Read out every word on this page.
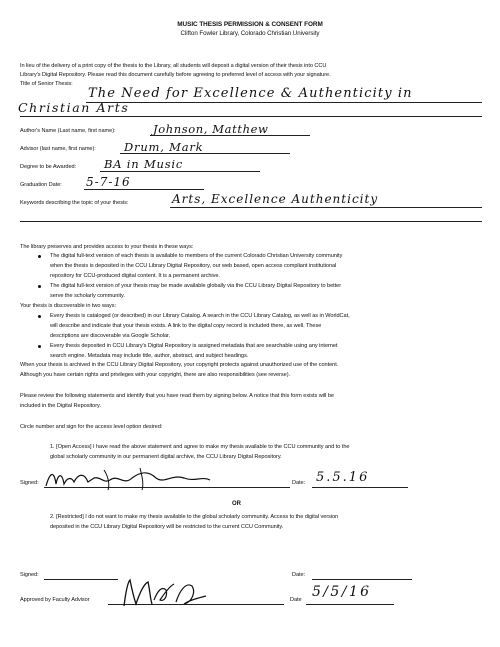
MUSIC THESIS PERMISSION & CONSENT FORM
Clifton Fowler Library, Colorado Christian University
In lieu of the delivery of a print copy of the thesis to the Library, all students will deposit a digital version of their thesis into CCU
Library's Digital Repository. Please read this document carefully before agreeing to preferred level of access with your signature.
Title of Senior Thesis:
The Need for Excellence & Authenticity in
Christian Arts
Author's Name (Last name, first name):	Johnson, Matthew
Advisor (last name, first name): Drum, Mark
Degree to be Awarded: BA in Music
Graduation Date: 5-7-16
Keywords describing the topic of your thesis:	Arts, Excellence Authenticity
The library preserves and provides access to your thesis in these ways:
The digital full-text version of each thesis is available to members of the current Colorado Christian University community
when the thesis is deposited in the CCU Library Digital Repository, our web based, open access compliant institutional
repository for CCU-produced digital content. It is a permanent archive.
The digital full-text version of your thesis may be made available globally via the CCU Library Digital Repository to better
serve the scholarly community.
Your thesis is discoverable in two ways:
Every thesis is cataloged (or described) in our Library Catalog. A search in the CCU Library Catalog, as well as in WorldCat,
will describe and indicate that your thesis exists. A link to the digital copy record is included there, as well. These
descriptions are discoverable via Google Scholar.
Every thesis deposited in CCU Library's Digital Repository is assigned metadata that are searchable using any internet
search engine. Metadata may include title, author, abstract, and subject headings.
When your thesis is archived in the CCU Library Digital Repository, your copyright protects against unauthorized use of the content.
Although you have certain rights and privileges with your copyright, there are also responsibilities (see reverse).
Please review the following statements and identify that you have read them by signing below. A notice that this form exists will be
included in the Digital Repository.
Circle number and sign for the access level option desired:
1. [Open Access] I have read the above statement and agree to make my thesis available to the CCU community and to the
global scholarly community in our permanent digital archive, the CCU Library Digital Repository.
Signed:	Date: 5.5.16
OR
2. [Restricted] I do not want to make my thesis available to the global scholarly community. Access to the digital version
deposited in the CCU Library Digital Repository will be restricted to the current CCU Community.
Signed:	Date:
Approved by Faculty Advisor	Date 5/5/16
